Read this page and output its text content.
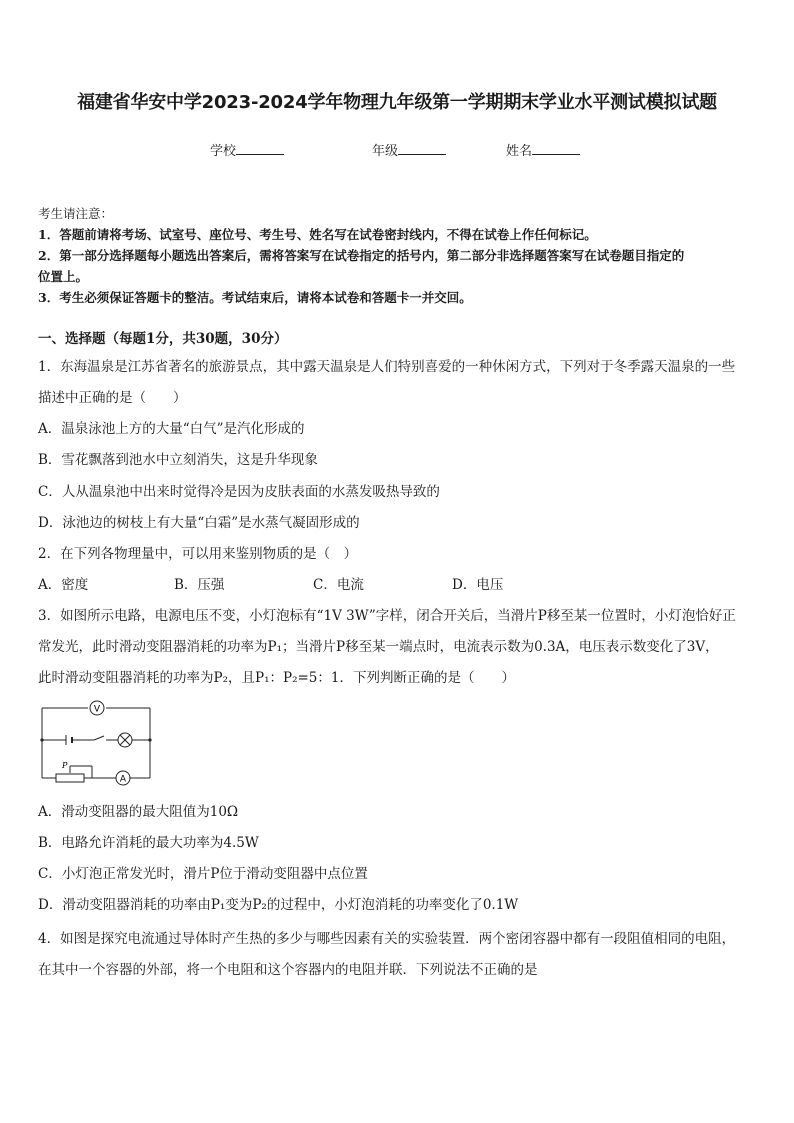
福建省华安中学2023-2024学年物理九年级第一学期期末学业水平测试模拟试题
学校	年级	姓名
考生请注意：
1．答题前请将考场、试室号、座位号、考生号、姓名写在试卷密封线内，不得在试卷上作任何标记。
2．第一部分选择题每小题选出答案后，需将答案写在试卷指定的括号内，第二部分非选择题答案写在试卷题目指定的
位置上。
3．考生必须保证答题卡的整洁。考试结束后，请将本试卷和答题卡一并交回。
一、选择题（每题1分，共30题，30分）
1．东海温泉是江苏省著名的旅游景点，其中露天温泉是人们特别喜爱的一种休闲方式，下列对于冬季露天温泉的一些
描述中正确的是（　　）
A．温泉泳池上方的大量“白气”是汽化形成的
B．雪花飘落到池水中立刻消失，这是升华现象
C．人从温泉池中出来时觉得冷是因为皮肤表面的水蒸发吸热导致的
D．泳池边的树枝上有大量“白霜”是水蒸气凝固形成的
2．在下列各物理量中，可以用来鉴别物质的是（　）
A．密度	B．压强	C．电流	D．电压
3．如图所示电路，电源电压不变，小灯泡标有“1V 3W”字样，闭合开关后，当滑片P移至某一位置时，小灯泡恰好正
常发光，此时滑动变阻器消耗的功率为P₁；当滑片P移至某一端点时，电流表示数为0.3A，电压表示数变化了3V，
此时滑动变阻器消耗的功率为P₂，且P₁：P₂=5：1．下列判断正确的是（　　）
V
A
P
A．滑动变阻器的最大阻值为10Ω
B．电路允许消耗的最大功率为4.5W
C．小灯泡正常发光时，滑片P位于滑动变阻器中点位置
D．滑动变阻器消耗的功率由P₁变为P₂的过程中，小灯泡消耗的功率变化了0.1W
4．如图是探究电流通过导体时产生热的多少与哪些因素有关的实验装置．两个密闭容器中都有一段阻值相同的电阻，
在其中一个容器的外部，将一个电阻和这个容器内的电阻并联．下列说法不正确的是
